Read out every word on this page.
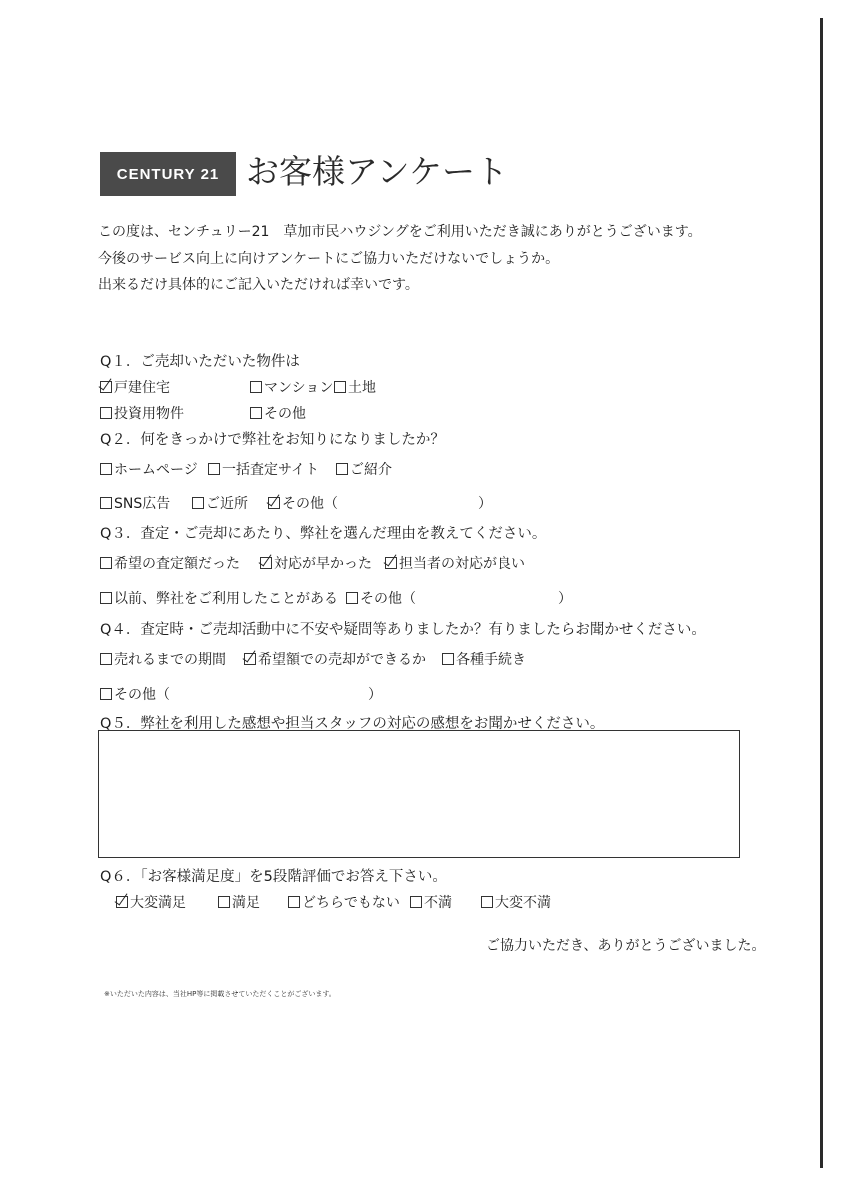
CENTURY 21 お客様アンケート
この度は、センチュリー21　草加市民ハウジングをご利用いただき誠にありがとうございます。
今後のサービス向上に向けアンケートにご協力いただけないでしょうか。
出来るだけ具体的にご記入いただければ幸いです。
Q１．ご売却いただいた物件は
戸建住宅	マンション	土地
投資用物件	その他
Q２．何をきっかけで弊社をお知りになりましたか？
ホームページ	一括査定サイト	ご紹介
SNS広告	ご近所	その他（	）
Q３．査定・ご売却にあたり、弊社を選んだ理由を教えてください。
希望の査定額だった	対応が早かった	担当者の対応が良い
以前、弊社をご利用したことがある	その他（	）
Q４．査定時・ご売却活動中に不安や疑問等ありましたか？有りましたらお聞かせください。
売れるまでの期間	希望額での売却ができるか	各種手続き
その他（	）
Q５．弊社を利用した感想や担当スタッフの対応の感想をお聞かせください。
Q６．「お客様満足度」を5段階評価でお答え下さい。
大変満足	満足	どちらでもない	不満	大変不満
ご協力いただき、ありがとうございました。
※いただいた内容は、当社HP等に掲載させていただくことがございます。
